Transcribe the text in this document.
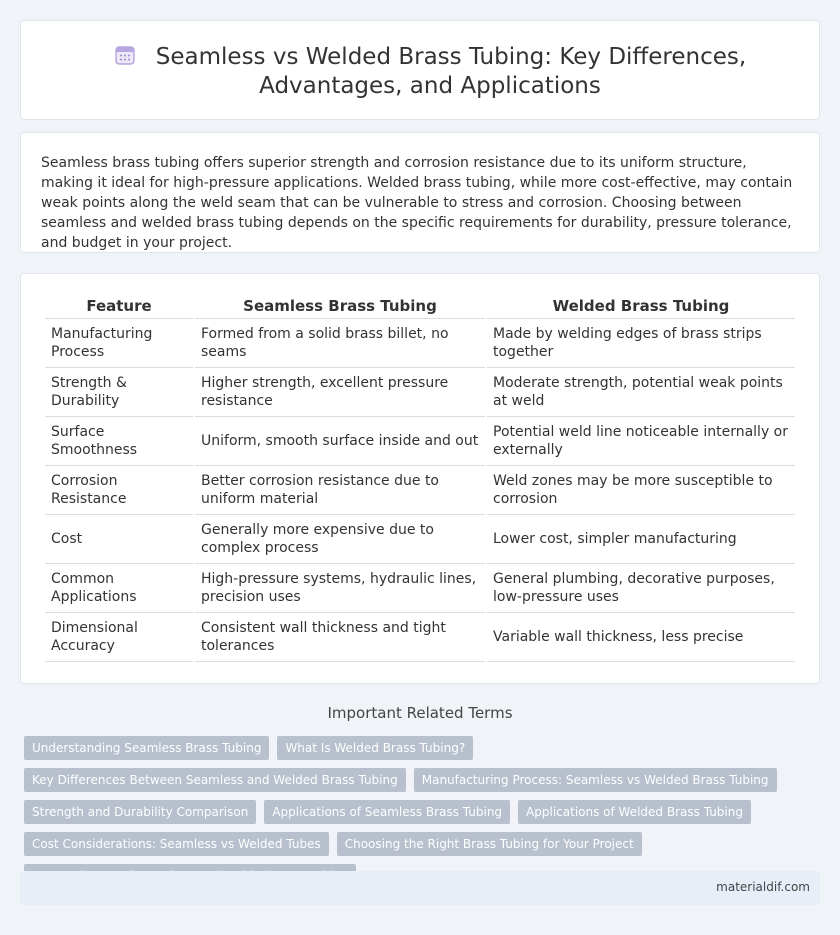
Seamless vs Welded Brass Tubing: Key Differences, Advantages, and Applications

Seamless brass tubing offers superior strength and corrosion resistance due to its uniform structure, making it ideal for high-pressure applications. Welded brass tubing, while more cost-effective, may contain weak points along the weld seam that can be vulnerable to stress and corrosion. Choosing between seamless and welded brass tubing depends on the specific requirements for durability, pressure tolerance, and budget in your project.

Feature	Seamless Brass Tubing	Welded Brass Tubing
Manufacturing Process	Formed from a solid brass billet, no seams	Made by welding edges of brass strips together
Strength & Durability	Higher strength, excellent pressure resistance	Moderate strength, potential weak points at weld
Surface Smoothness	Uniform, smooth surface inside and out	Potential weld line noticeable internally or externally
Corrosion Resistance	Better corrosion resistance due to uniform material	Weld zones may be more susceptible to corrosion
Cost	Generally more expensive due to complex process	Lower cost, simpler manufacturing
Common Applications	High-pressure systems, hydraulic lines, precision uses	General plumbing, decorative purposes, low-pressure uses
Dimensional Accuracy	Consistent wall thickness and tight tolerances	Variable wall thickness, less precise
Important Related Terms
Understanding Seamless Brass Tubing	What Is Welded Brass Tubing?
Key Differences Between Seamless and Welded Brass Tubing	Manufacturing Process: Seamless vs Welded Brass Tubing
Strength and Durability Comparison	Applications of Seamless Brass Tubing	Applications of Welded Brass Tubing
Cost Considerations: Seamless vs Welded Tubes	Choosing the Right Brass Tubing for Your Project
materialdif.com
